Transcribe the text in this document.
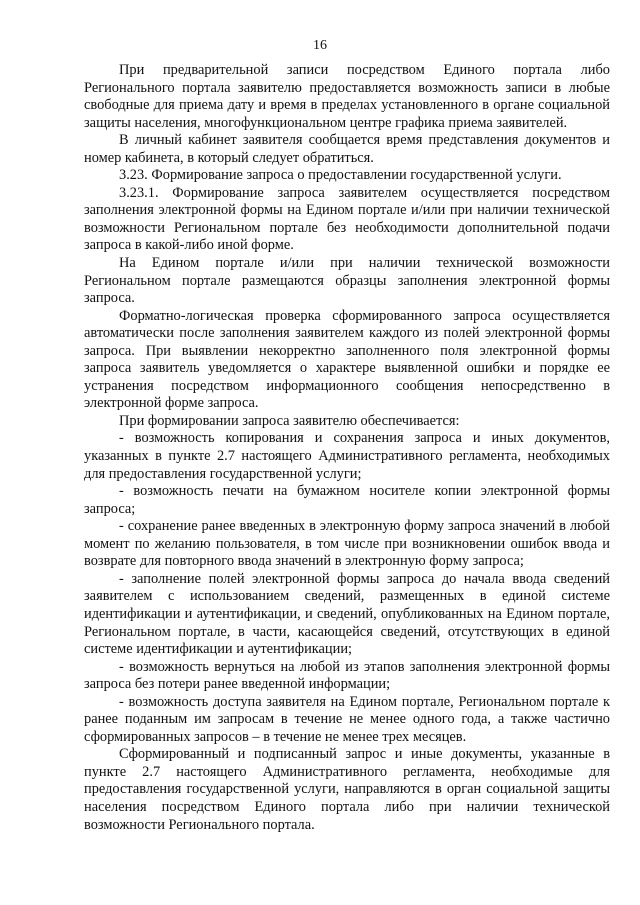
16

При предварительной записи посредством Единого портала либо Регионального портала заявителю предоставляется возможность записи в любые свободные для приема дату и время в пределах установленного в органе социальной защиты населения, многофункциональном центре графика приема заявителей.

В личный кабинет заявителя сообщается время представления документов и номер кабинета, в который следует обратиться.

3.23. Формирование запроса о предоставлении государственной услуги.

3.23.1. Формирование запроса заявителем осуществляется посредством заполнения электронной формы на Едином портале и/или при наличии технической возможности Региональном портале без необходимости дополнительной подачи запроса в какой-либо иной форме.

На Едином портале и/или при наличии технической возможности Региональном портале размещаются образцы заполнения электронной формы запроса.

Форматно-логическая проверка сформированного запроса осуществляется автоматически после заполнения заявителем каждого из полей электронной формы запроса. При выявлении некорректно заполненного поля электронной формы запроса заявитель уведомляется о характере выявленной ошибки и порядке ее устранения посредством информационного сообщения непосредственно в электронной форме запроса.

При формировании запроса заявителю обеспечивается:

- возможность копирования и сохранения запроса и иных документов, указанных в пункте 2.7 настоящего Административного регламента, необходимых для предоставления государственной услуги;

- возможность печати на бумажном носителе копии электронной формы запроса;

- сохранение ранее введенных в электронную форму запроса значений в любой момент по желанию пользователя, в том числе при возникновении ошибок ввода и возврате для повторного ввода значений в электронную форму запроса;

- заполнение полей электронной формы запроса до начала ввода сведений заявителем с использованием сведений, размещенных в единой системе идентификации и аутентификации, и сведений, опубликованных на Едином портале, Региональном портале, в части, касающейся сведений, отсутствующих в единой системе идентификации и аутентификации;

- возможность вернуться на любой из этапов заполнения электронной формы запроса без потери ранее введенной информации;

- возможность доступа заявителя на Едином портале, Региональном портале к ранее поданным им запросам в течение не менее одного года, а также частично сформированных запросов – в течение не менее трех месяцев.

Сформированный и подписанный запрос и иные документы, указанные в пункте 2.7 настоящего Административного регламента, необходимые для предоставления государственной услуги, направляются в орган социальной защиты населения посредством Единого портала либо при наличии технической возможности Регионального портала.
